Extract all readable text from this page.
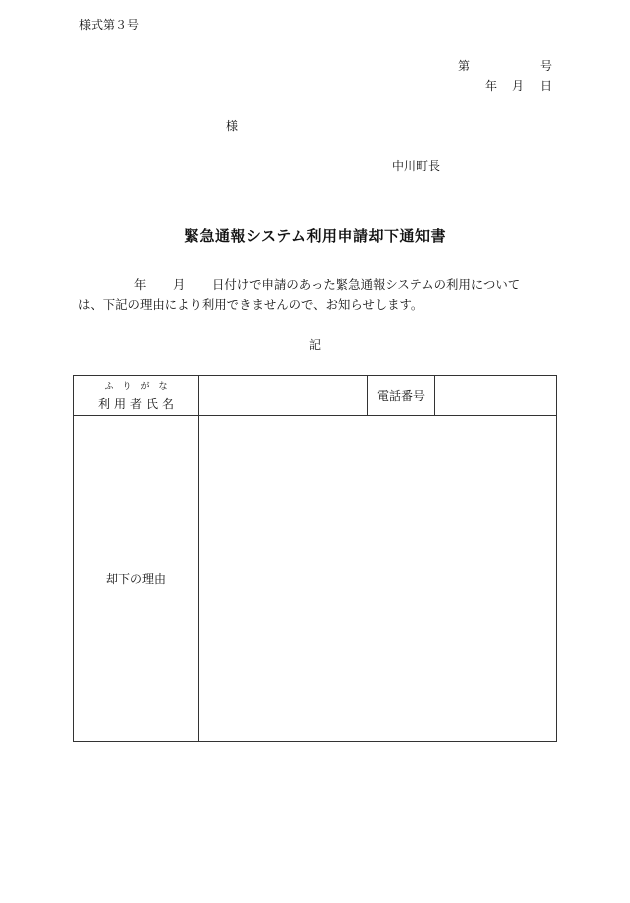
様式第３号
第	号
年 月 日
様
中川町長
緊急通報システム利用申請却下通知書
年 月 日付けで申請のあった緊急通報システムの利用について
は、下記の理由により利用できませんので、お知らせします。
記
ふりがな
利用者氏名		電話番号	
却下の理由			
